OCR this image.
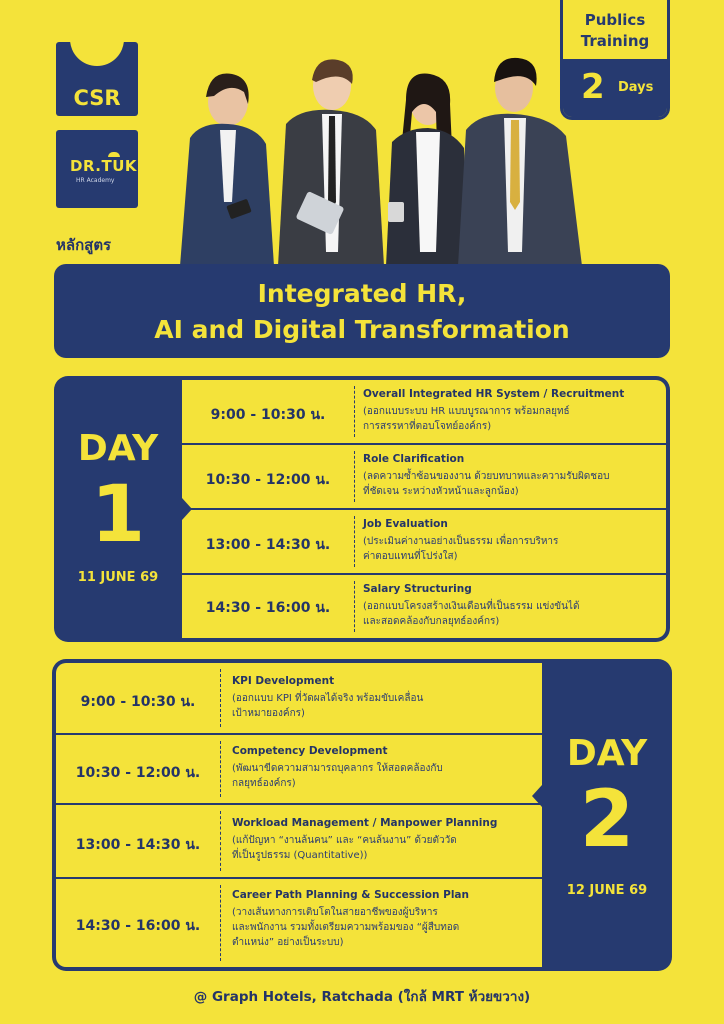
CSR
DR.TUK
HR Academy
หลักสูตร
Publics
Training
2 Days
Integrated HR,
AI and Digital Transformation
DAY
1
11 JUNE 69
9:00 - 10:30 น.
Overall Integrated HR System / Recruitment
(ออกแบบระบบ HR แบบบูรณาการ พร้อมกลยุทธ์
การสรรหาที่ตอบโจทย์องค์กร)
10:30 - 12:00 น.
Role Clarification
(ลดความซ้ำซ้อนของงาน ด้วยบทบาทและความรับผิดชอบ
ที่ชัดเจน ระหว่างหัวหน้าและลูกน้อง)
13:00 - 14:30 น.
Job Evaluation
(ประเมินค่างานอย่างเป็นธรรม เพื่อการบริหาร
ค่าตอบแทนที่โปร่งใส)
14:30 - 16:00 น.
Salary Structuring
(ออกแบบโครงสร้างเงินเดือนที่เป็นธรรม แข่งขันได้
และสอดคล้องกับกลยุทธ์องค์กร)
9:00 - 10:30 น.
KPI Development
(ออกแบบ KPI ที่วัดผลได้จริง พร้อมขับเคลื่อน
เป้าหมายองค์กร)
10:30 - 12:00 น.
Competency Development
(พัฒนาขีดความสามารถบุคลากร ให้สอดคล้องกับ
กลยุทธ์องค์กร)
13:00 - 14:30 น.
Workload Management / Manpower Planning
(แก้ปัญหา “งานล้นคน” และ “คนล้นงาน” ด้วยตัววัด
ที่เป็นรูปธรรม (Quantitative))
14:30 - 16:00 น.
Career Path Planning & Succession Plan
(วางเส้นทางการเติบโตในสายอาชีพของผู้บริหาร
และพนักงาน รวมทั้งเตรียมความพร้อมของ “ผู้สืบทอด
ตำแหน่ง” อย่างเป็นระบบ)
DAY
2
12 JUNE 69
@ Graph Hotels, Ratchada (ใกล้ MRT ห้วยขวาง)
